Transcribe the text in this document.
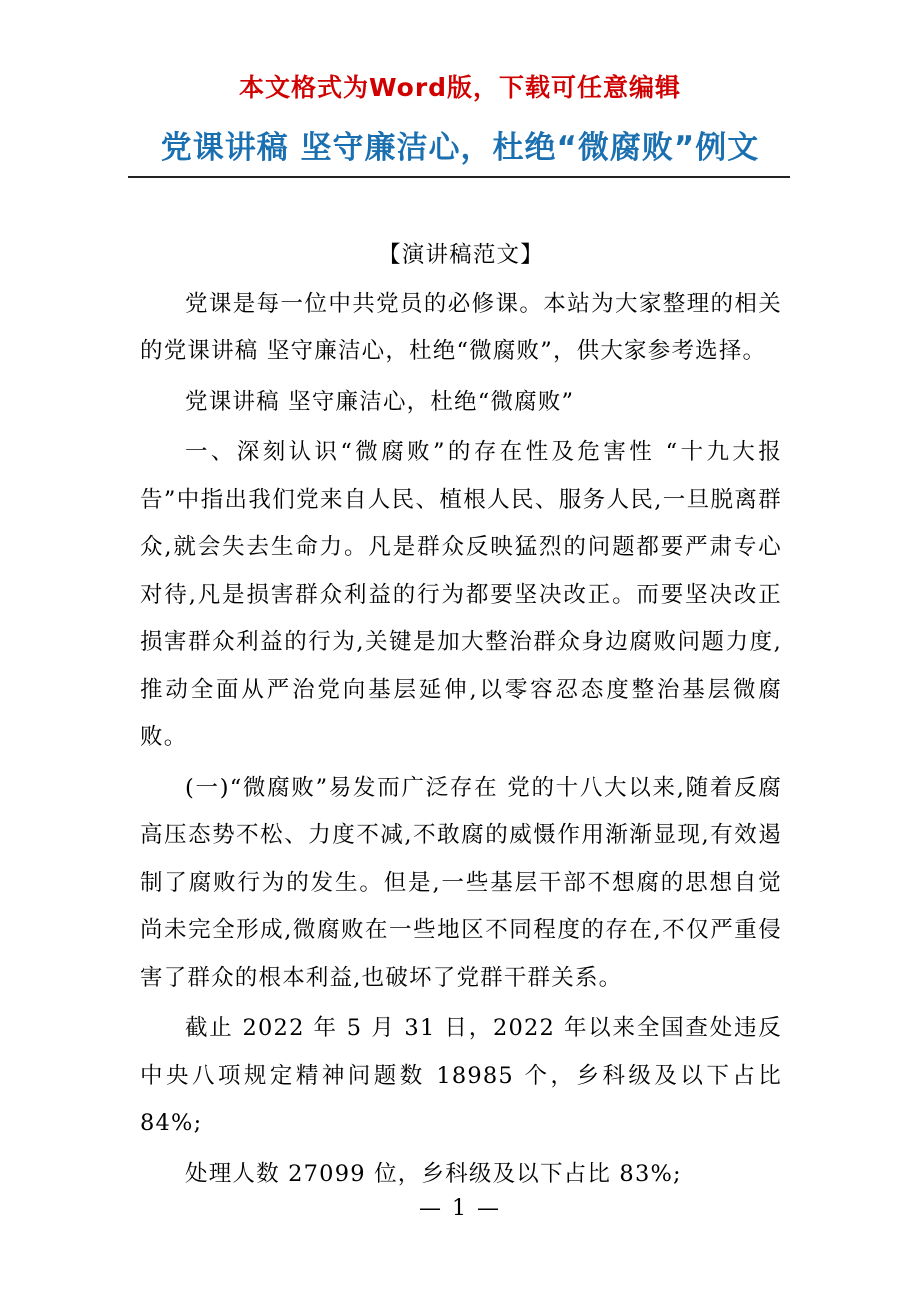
本文格式为Word版，下载可任意编辑
党课讲稿 坚守廉洁心，杜绝“微腐败”例文

【演讲稿范文】

党课是每一位中共党员的必修课。本站为大家整理的相关的党课讲稿 坚守廉洁心，杜绝“微腐败”，供大家参考选择。

党课讲稿 坚守廉洁心，杜绝“微腐败”

一、深刻认识“微腐败”的存在性及危害性 “十九大报告”中指出我们党来自人民、植根人民、服务人民,一旦脱离群众,就会失去生命力。凡是群众反映猛烈的问题都要严肃专心对待,凡是损害群众利益的行为都要坚决改正。而要坚决改正损害群众利益的行为,关键是加大整治群众身边腐败问题力度,推动全面从严治党向基层延伸,以零容忍态度整治基层微腐败。

(一)“微腐败”易发而广泛存在 党的十八大以来,随着反腐高压态势不松、力度不减,不敢腐的威慑作用渐渐显现,有效遏制了腐败行为的发生。但是,一些基层干部不想腐的思想自觉尚未完全形成,微腐败在一些地区不同程度的存在,不仅严重侵害了群众的根本利益,也破坏了党群干群关系。

截止 2022 年 5 月 31 日，2022 年以来全国查处违反中央八项规定精神问题数 18985 个，乡科级及以下占比 84%;

处理人数 27099 位，乡科级及以下占比 83%;

— 1 —
